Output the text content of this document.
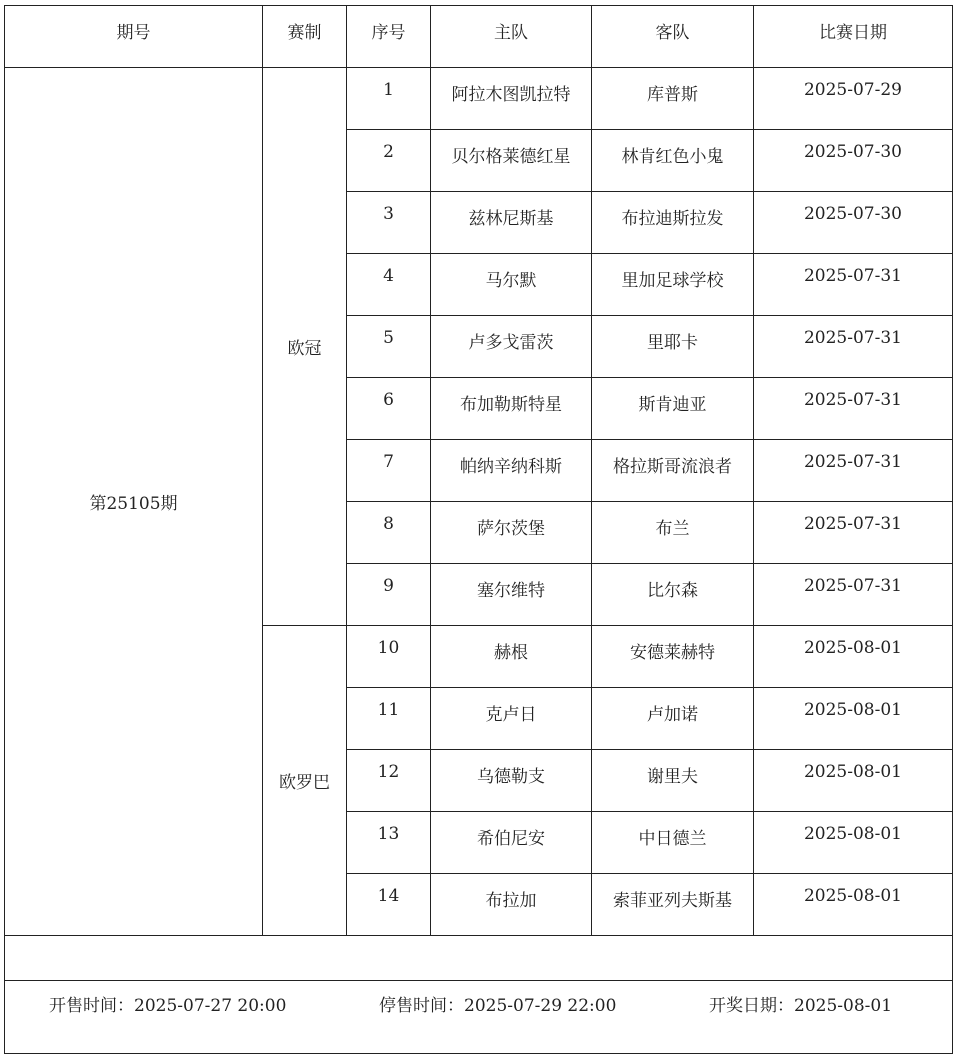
期号	赛制	序号	主队	客队	比赛日期
第25105期	欧冠	1	阿拉木图凯拉特	库普斯	2025-07-29
		2	贝尔格莱德红星	林肯红色小鬼	2025-07-30
		3	兹林尼斯基	布拉迪斯拉发	2025-07-30
		4	马尔默	里加足球学校	2025-07-31
		5	卢多戈雷茨	里耶卡	2025-07-31
		6	布加勒斯特星	斯肯迪亚	2025-07-31
		7	帕纳辛纳科斯	格拉斯哥流浪者	2025-07-31
		8	萨尔茨堡	布兰	2025-07-31
		9	塞尔维特	比尔森	2025-07-31
	欧罗巴	10	赫根	安德莱赫特	2025-08-01
		11	克卢日	卢加诺	2025-08-01
		12	乌德勒支	谢里夫	2025-08-01
		13	希伯尼安	中日德兰	2025-08-01
		14	布拉加	索菲亚列夫斯基	2025-08-01

开售时间：2025-07-27 20:00 停售时间：2025-07-29 22:00 开奖日期：2025-08-01					
